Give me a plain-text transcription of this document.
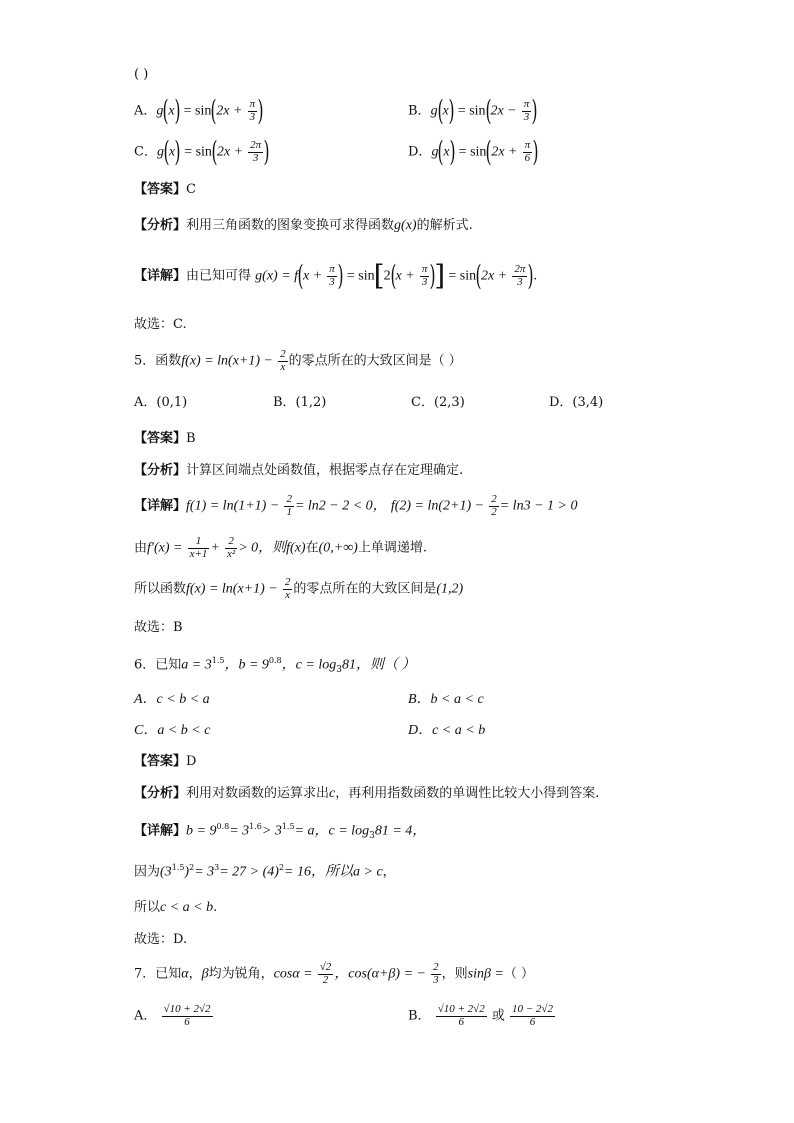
( )
A．$g(x) = \sin(2x + \frac{\pi}{3}$ )	B．$g(x) = \sin(2x - \frac{\pi}{3}$ )
C．$g(x) = \sin(2x + \frac{2\pi}{3}$ )	D．$g(x) = \sin(2x + \frac{\pi}{6}$ )
【答案】C
【分析】利用三角函数的图象变换可求得函数g(x)的解析式.
【详解】由已知可得 $g(x) = f(x + \frac{\pi}{3}$ ) = $\sin[2(x + \frac{\pi}{3}$ )] = $\sin(2x + \frac{2\pi}{3}$ ).
故选：C.
5．函数$f(x) = \ln(x+1) - \frac{2}{x}$ 的零点所在的大致区间是（ ）
A．(0,1)	B．(1,2)	C．(2,3)	D．(3,4)
【答案】B
【分析】计算区间端点处函数值，根据零点存在定理确定.
【详解】$f(1) = \ln(1+1) - \frac{2}{1} = \ln 2 - 2 < 0$， $f(2) = \ln(2+1) - \frac{2}{2} = \ln 3 - 1 > 0$
由$f'(x) = \frac{1}{x+1} + \frac{2}{\text{x²}} > 0$，则f(x)在(0,+∞)上单调递增.
所以函数$f(x) = \ln(x+1) - \frac{2}{x}$ 的零点所在的大致区间是(1,2)
故选：B
6．已知$a = 3^{1.5}$，$b = 9^{0.8}$，$c = \log_381$，则（ ）
A．c < b < a	B．b < a < c
C．a < b < c	D．c < a < b
【答案】D
【分析】利用对数函数的运算求出c，再利用指数函数的单调性比较大小得到答案.
【详解】$b = 9^{0.8}= 3^{1.6}> 3^{1.5}= a$，$c = \log_381 = 4$，
因为$(3^{1.5})^2= 3^3= 27 > (4)^2= 16$，所以a > c，
所以c < a < b.
故选：D.
7．已知α，β均为锐角，$\cos\alpha = \frac{√2}{2}$ ，cos(α+β) = − $\frac{2}{3}$ ，则sinβ =（ ）
A． $\frac{√10 + 2√2}{6}$	B． $\frac{√10 + 2√2}{6}$ 或 $\frac{10 - 2√2}{6}$
